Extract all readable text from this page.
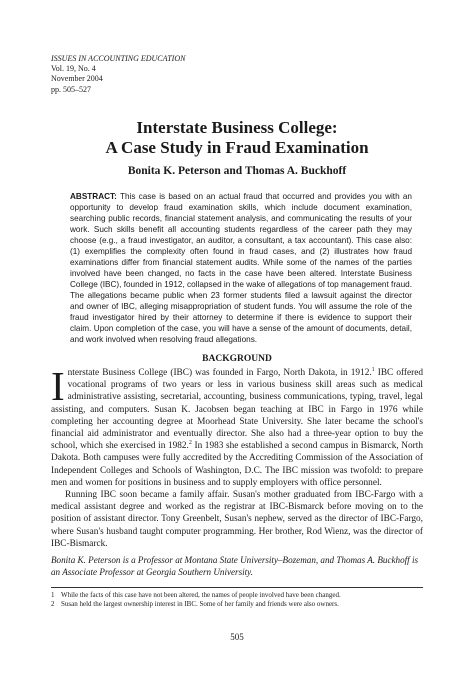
ISSUES IN ACCOUNTING EDUCATION
Vol. 19, No. 4
November 2004
pp. 505–527
Interstate Business College:
A Case Study in Fraud Examination
Bonita K. Peterson and Thomas A. Buckhoff

ABSTRACT: This case is based on an actual fraud that occurred and provides you with an opportunity to develop fraud examination skills, which include document examination, searching public records, financial statement analysis, and communicating the results of your work. Such skills benefit all accounting students regardless of the career path they may choose (e.g., a fraud investigator, an auditor, a consultant, a tax accountant). This case also: (1) exemplifies the complexity often found in fraud cases, and (2) illustrates how fraud examinations differ from financial statement audits. While some of the names of the parties involved have been changed, no facts in the case have been altered. Interstate Business College (IBC), founded in 1912, collapsed in the wake of allegations of top management fraud. The allegations became public when 23 former students filed a lawsuit against the director and owner of IBC, alleging misappropriation of student funds. You will assume the role of the fraud investigator hired by their attorney to determine if there is evidence to support their claim. Upon completion of the case, you will have a sense of the amount of documents, detail, and work involved when resolving fraud allegations.

BACKGROUND

Interstate Business College (IBC) was founded in Fargo, North Dakota, in 1912.$^1$ IBC offered vocational programs of two years or less in various business skill areas such as medical administrative assisting, secretarial, accounting, business communications, typing, travel, legal assisting, and computers. Susan K. Jacobsen began teaching at IBC in Fargo in 1976 while completing her accounting degree at Moorhead State University. She later became the school's financial aid administrator and eventually director. She also had a three-year option to buy the school, which she exercised in 1982.$^2$ In 1983 she established a second campus in Bismarck, North Dakota. Both campuses were fully accredited by the Accrediting Commission of the Association of Independent Colleges and Schools of Washington, D.C. The IBC mission was twofold: to prepare men and women for positions in business and to supply employers with office personnel.

Running IBC soon became a family affair. Susan's mother graduated from IBC-Fargo with a medical assistant degree and worked as the registrar at IBC-Bismarck before moving on to the position of assistant director. Tony Greenbelt, Susan's nephew, served as the director of IBC-Fargo, where Susan's husband taught computer programming. Her brother, Rod Wienz, was the director of IBC-Bismarck.

Bonita K. Peterson is a Professor at Montana State University–Bozeman, and Thomas A. Buckhoff is an Associate Professor at Georgia Southern University.
1 While the facts of this case have not been altered, the names of people involved have been changed.
2 Susan held the largest ownership interest in IBC. Some of her family and friends were also owners.
505
